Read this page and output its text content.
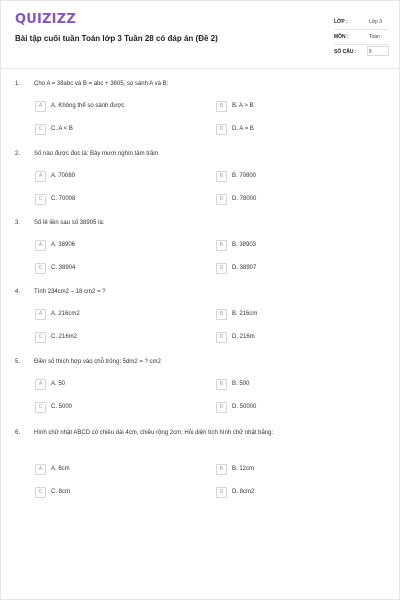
QUIZIZZ
Bài tập cuối tuần Toán lớp 3 Tuần 28 có đáp án (Đề 2)
LỚP :	Lớp 3
MÔN :	Toán
SỐ CÂU :	6
1. Cho A = 38abc và B = abc + 3805, so sánh A và B:
A	A. Không thể so sánh được	B	B. A > B
C	C. A < B	D	D. A = B
2. Số nào được đọc là: Bảy mươi nghìn tám trăm
A	A. 70080	B	B. 70800
C	C. 70008	D	D. 78000
3. Số lẻ liền sau số 38905 là:
A	A. 38906	B	B. 38903
C	C. 38904	D	D. 38907
4. Tính 234cm2 – 18 cm2 = ?
A	A. 216cm2	B	B. 216cm
C	C. 216m2	D	D. 216m
5. Điền số thích hợp vào chỗ trống: 5dm2 = ? cm2
A	A. 50	B	B. 500
C	C. 5000	D	D. 50000
6. Hình chữ nhật ABCD có chiều dài 4cm, chiều rộng 2cm. Hỏi diện tích hình chữ nhật bằng:
A	A. 6cm	B	B. 12cm
C	C. 8cm	D	D. 8cm2
